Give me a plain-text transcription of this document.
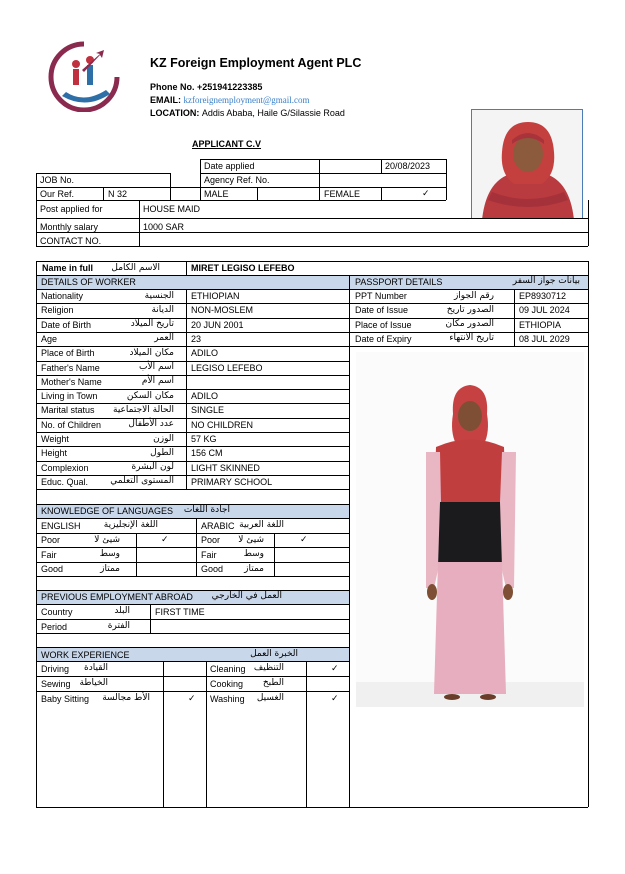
KZ Foreign Employment Agent PLC
Phone No. +251941223385
EMAIL: kzforeignemployment@gmail.com
LOCATION: Addis Ababa, Haile G/Silassie Road
APPLICANT C.V
Date applied	20/08/2023
Agency Ref. No.
JOB No.
Our Ref.	N 32	MALE	FEMALE	✓
Post applied for	HOUSE MAID
Monthly salary	1000 SAR
CONTACT NO.
Name in full الاسم الكامل	MIRET LEGISO LEFEBO
DETAILS OF WORKER	PASSPORT DETAILS	بيانات جواز السفر
Nationality	الجنسية ETHIOPIAN
Religion	الديانة NON-MOSLEM
Date of Birth	تاريخ الميلاد 20 JUN 2001
Age	العمر 23
Place of Birth	مكان الميلاد ADILO
Father's Name	اسم الأب LEGISO LEFEBO
Mother's Name	اسم الأم
Living in Town	مكان السكن ADILO
Marital status	الحالة الاجتماعية SINGLE
No. of Children	عدد الأطفال NO CHILDREN
Weight	الوزن 57 KG
Height	الطول 156 CM
Complexion	لون البشرة LIGHT SKINNED
Educ. Qual.	المستوى التعلمي PRIMARY SCHOOL
PPT Number	رقم الجواز	EP8930712
Date of Issue	الصدور تاريخ	09 JUL 2024
Place of Issue	الصدور مكان	ETHIOPIA
Date of Expiry	تاريخ الانتهاء	08 JUL 2029
KNOWLEDGE OF LANGUAGES	اجادة اللغات
ENGLISH	اللغة الإنجليزية	ARABIC اللغة العربية
Poor	شيئ لا	✓	Poor	شيئ لا	✓
Fair	وسط	Fair	وسط
Good	ممتاز	Good	ممتاز
PREVIOUS EMPLOYMENT ABROAD	العمل في الخارجي
Country	البلد	FIRST TIME
Period	الفترة
WORK EXPERIENCE	الخبرة العمل
Driving	القيادة	Cleaning التنظيف	✓
Sewing الخياطة	Cooking	الطبخ
Baby Sitting	الأط مجالسة	✓ Washing	الغسيل	✓
